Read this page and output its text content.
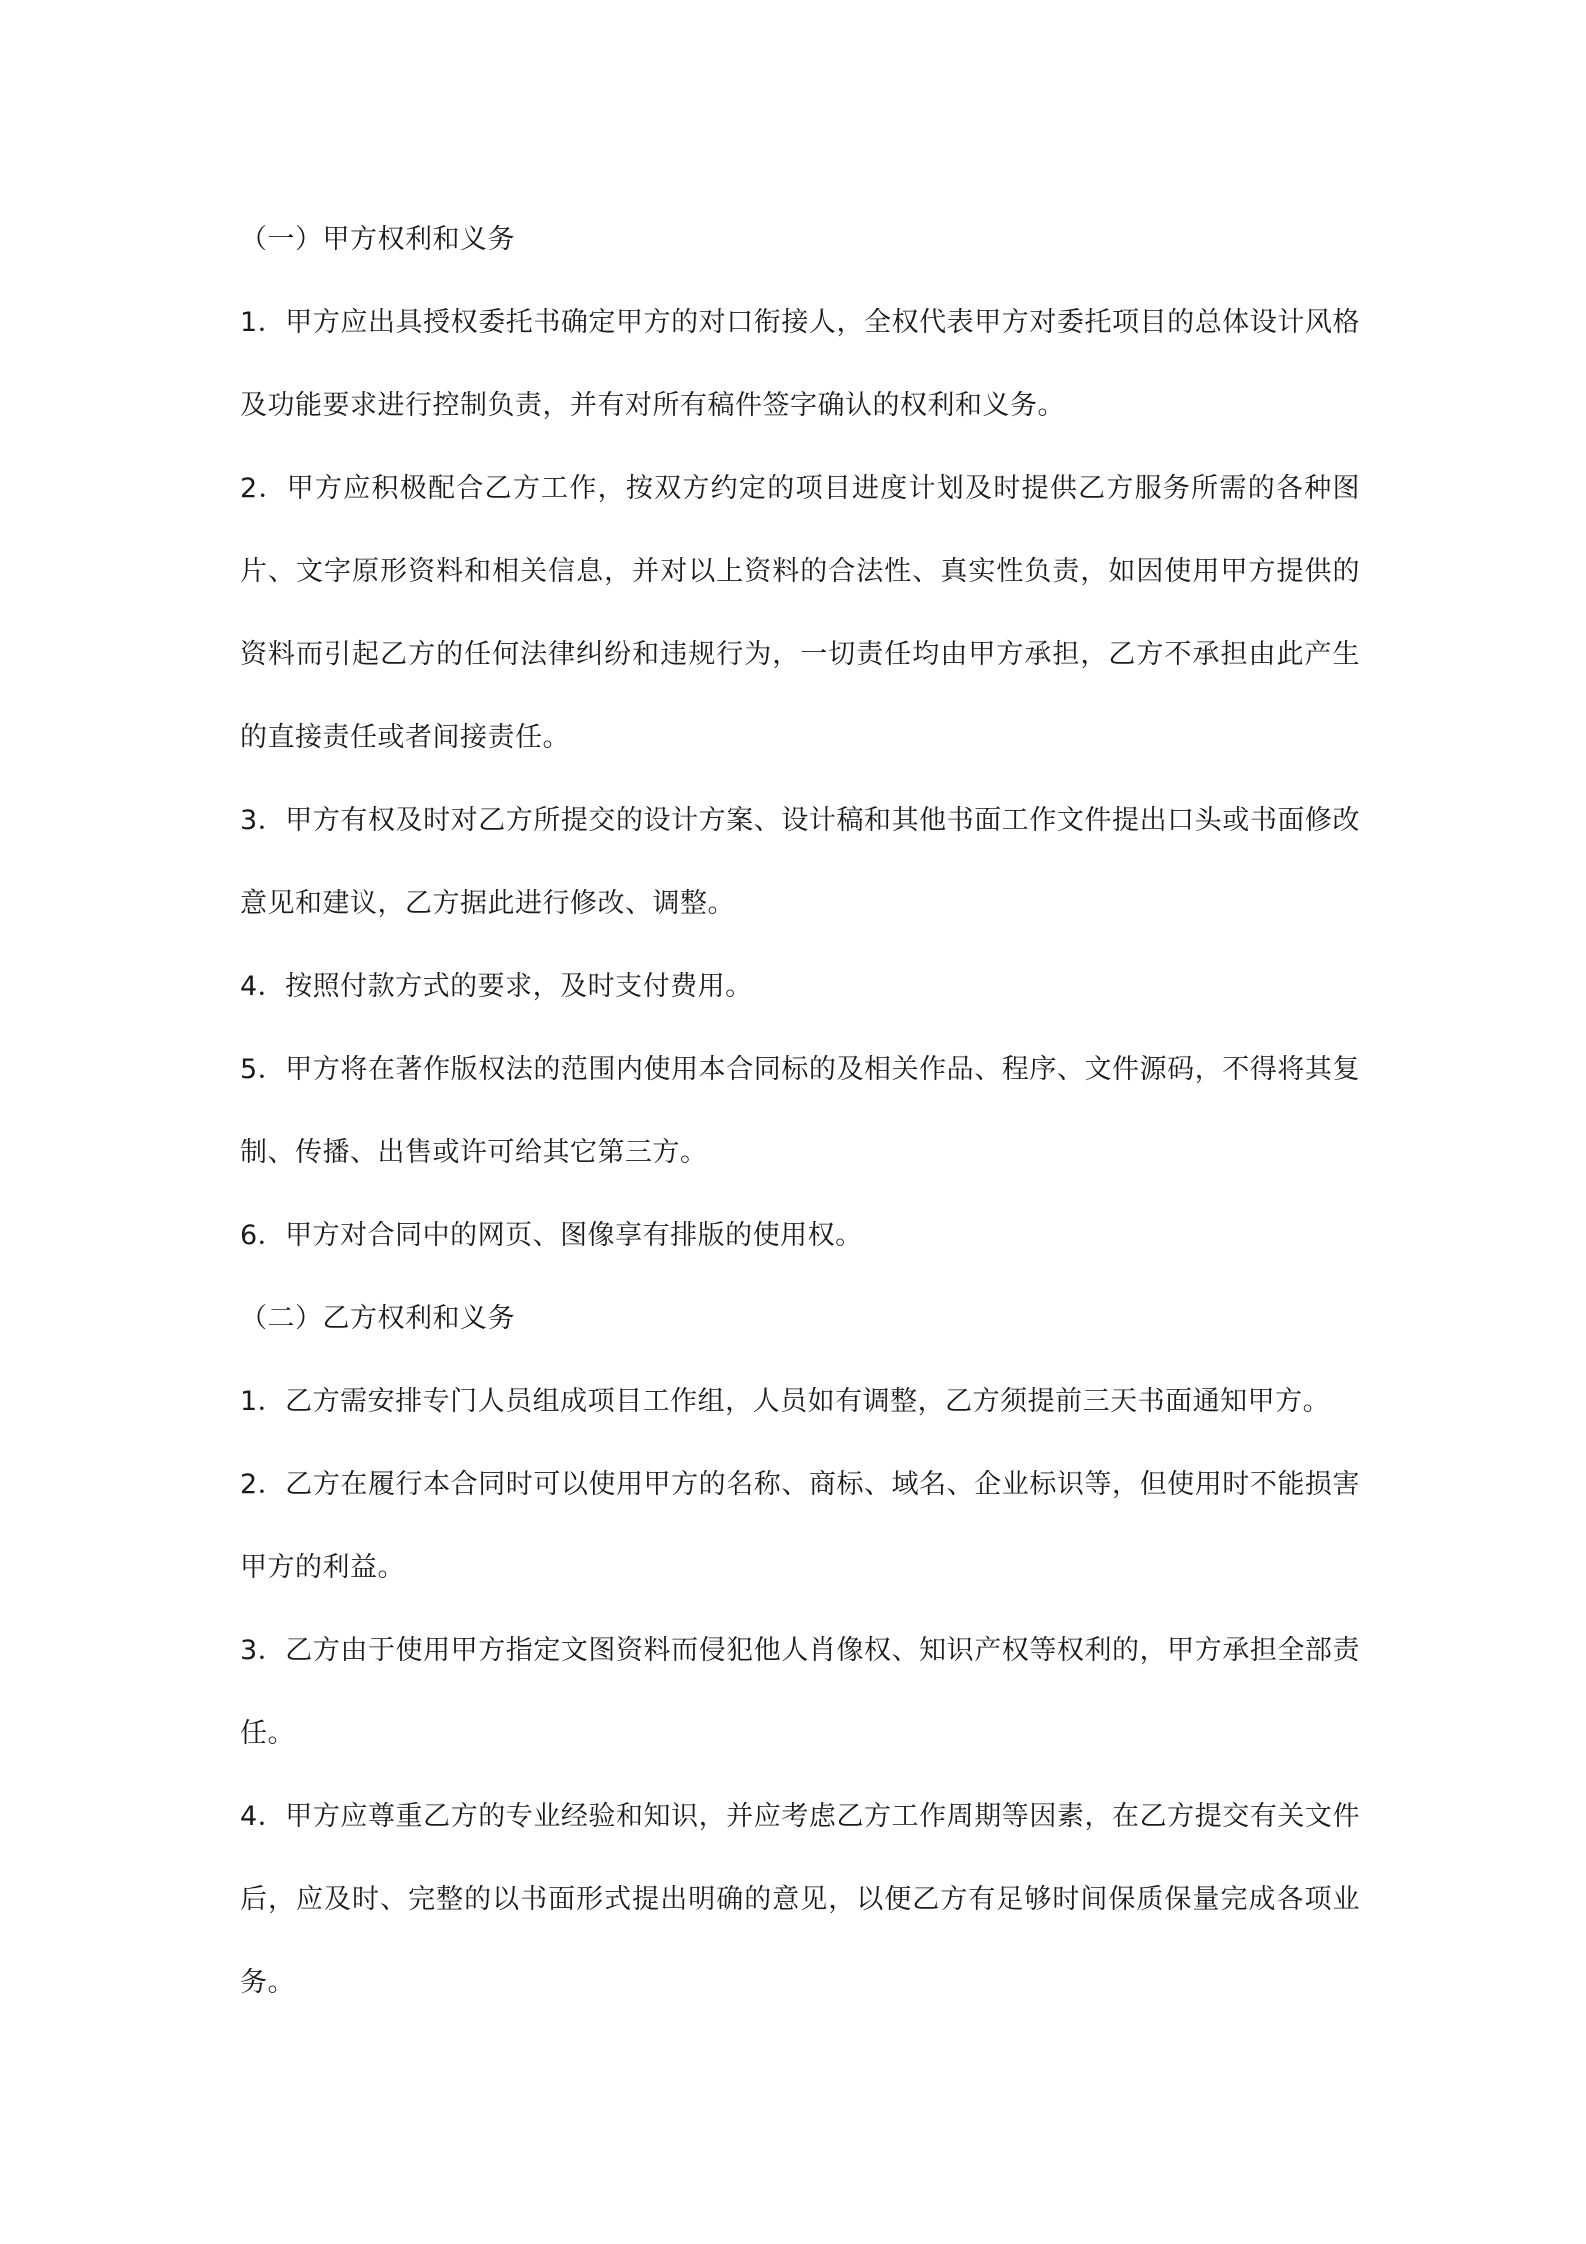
（一）甲方权利和义务

1．甲方应出具授权委托书确定甲方的对口衔接人，全权代表甲方对委托项目的总体设计风格及功能要求进行控制负责，并有对所有稿件签字确认的权利和义务。

2．甲方应积极配合乙方工作，按双方约定的项目进度计划及时提供乙方服务所需的各种图片、文字原形资料和相关信息，并对以上资料的合法性、真实性负责，如因使用甲方提供的资料而引起乙方的任何法律纠纷和违规行为，一切责任均由甲方承担，乙方不承担由此产生的直接责任或者间接责任。

3．甲方有权及时对乙方所提交的设计方案、设计稿和其他书面工作文件提出口头或书面修改意见和建议，乙方据此进行修改、调整。

4．按照付款方式的要求，及时支付费用。

5．甲方将在著作版权法的范围内使用本合同标的及相关作品、程序、文件源码，不得将其复制、传播、出售或许可给其它第三方。

6．甲方对合同中的网页、图像享有排版的使用权。

（二）乙方权利和义务

1．乙方需安排专门人员组成项目工作组，人员如有调整，乙方须提前三天书面通知甲方。

2．乙方在履行本合同时可以使用甲方的名称、商标、域名、企业标识等，但使用时不能损害甲方的利益。

3．乙方由于使用甲方指定文图资料而侵犯他人肖像权、知识产权等权利的，甲方承担全部责任。

4．甲方应尊重乙方的专业经验和知识，并应考虑乙方工作周期等因素，在乙方提交有关文件后，应及时、完整的以书面形式提出明确的意见，以便乙方有足够时间保质保量完成各项业务。
